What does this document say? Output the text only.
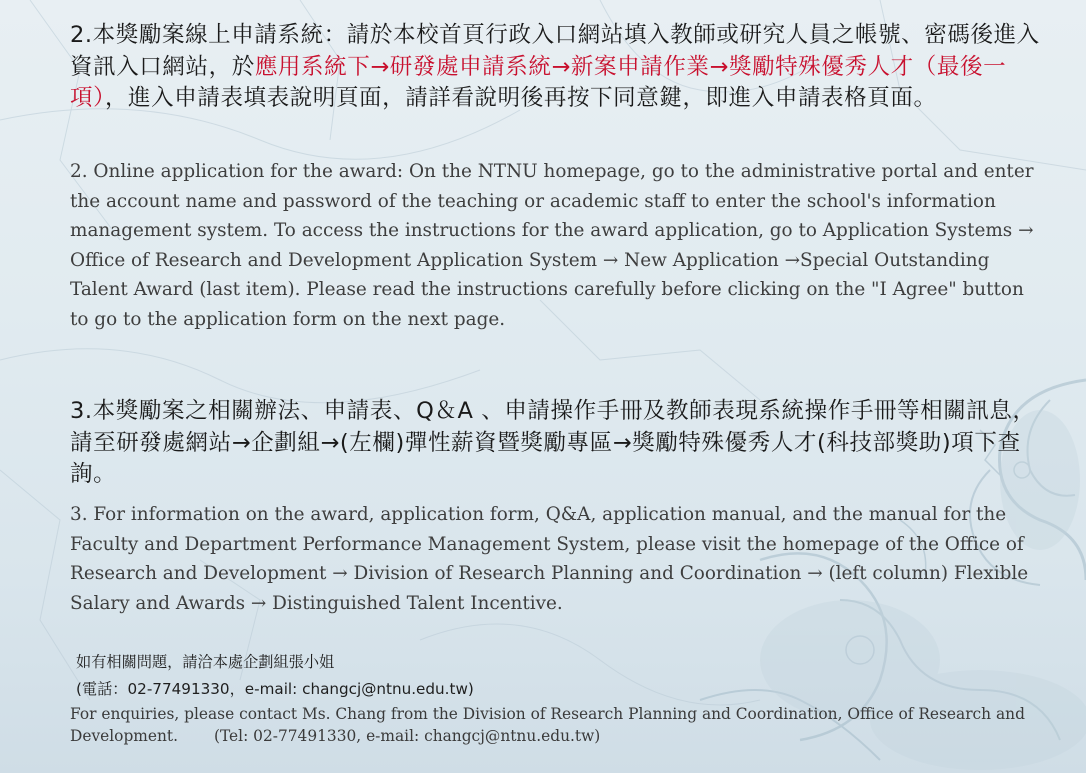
2.本獎勵案線上申請系統：請於本校首頁行政入口網站填入教師或研究人員之帳號、密碼後進入資訊入口網站，於應用系統下→研發處申請系統→新案申請作業→獎勵特殊優秀人才（最後一項），進入申請表填表說明頁面，請詳看說明後再按下同意鍵，即進入申請表格頁面。

2. Online application for the award: On the NTNU homepage, go to the administrative portal and enter the account name and password of the teaching or academic staff to enter the school's information management system. To access the instructions for the award application, go to Application Systems → Office of Research and Development Application System → New Application →Special Outstanding Talent Award (last item). Please read the instructions carefully before clicking on the "I Agree" button to go to the application form on the next page.

3.本獎勵案之相關辦法、申請表、Q＆A 、申請操作手冊及教師表現系統操作手冊等相關訊息，請至研發處網站→企劃組→(左欄)彈性薪資暨獎勵專區→獎勵特殊優秀人才(科技部獎助)項下查詢。

3. For information on the award, application form, Q&A, application manual, and the manual for the Faculty and Department Performance Management System, please visit the homepage of the Office of Research and Development → Division of Research Planning and Coordination → (left column) Flexible Salary and Awards → Distinguished Talent Incentive.

如有相關問題，請洽本處企劃組張小姐
(電話：02-77491330，e-mail: changcj@ntnu.edu.tw)
For enquiries, please contact Ms. Chang from the Division of Research Planning and Coordination, Office of Research and Development. (Tel: 02-77491330, e-mail: changcj@ntnu.edu.tw)
